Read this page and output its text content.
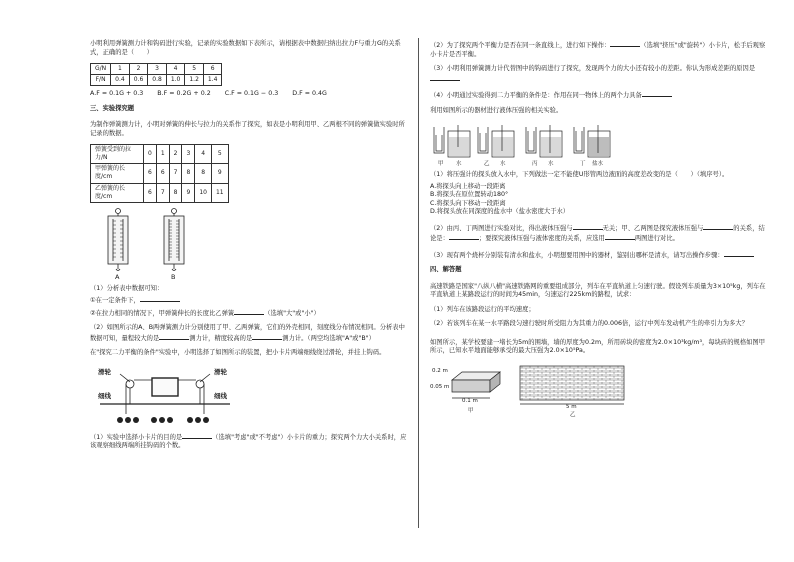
小明利用弹簧测力计和钩码进行实验，记录的实验数据如下表所示，请根据表中数据归纳出拉力F与重力G的关系式，正确的是（　　）

G/N	1	2	3	4	5	6
F/N	0.4	0.6	0.8	1.0	1.2	1.4
A.F = 0.1G + 0.3 B.F = 0.2G + 0.2 C.F = 0.1G − 0.3 D.F = 0.4G
三、实验探究题

为制作弹簧测力计，小明对弹簧的伸长与拉力的关系作了探究，如表是小明利用甲、乙两根不同的弹簧做实验时所记录的数据。

弹簧受到的拉力/N	0	1	2	3	4	5
甲弹簧的长度/cm	6	6	7	8	8	9
乙弹簧的长度/cm	6	7	8	9	10	11
A	B

（1）分析表中数据可知：

①在一定条件下，

②在拉力相同的情况下，甲弹簧伸长的长度比乙弹簧	（选填"大"或"小"）

（2）如图所示的A、B两弹簧测力计分别使用了甲、乙两弹簧，它们的外壳相同，刻度线分布情况相同。分析表中数据可知，量程较大的是	测力计，精度较高的是	测力计。（两空均选填"A"或"B"）

在"探究二力平衡的条件"实验中，小明选择了如图所示的装置，把小卡片两端细线绕过滑轮，并挂上钩码。

滑轮	滑轮
细线	细线

（1）实验中选择小卡片的目的是	（选填"考虑"或"不考虑"）小卡片的重力；探究两个力大小关系时，应该观察细线两端所挂钩码的个数。

（2）为了探究两个平衡力是否在同一条直线上，进行如下操作：	（选填"挤压"或"旋转"）小卡片，松手后观察小卡片是否平衡。

（3）小明利用弹簧测力计代替图中的钩码进行了探究，发现两个力的大小还有较小的差距。你认为形成差距的原因是

（4）小明通过实验得到二力平衡的条件是：作用在同一物体上的两个力具备

利用如图所示的器材进行液体压强的相关实验。

甲	乙	丙	丁
水	水	水	盐水

（1）将压强计的探头放入水中，下列做法一定不能使U形管两边液面的高度差改变的是（　　）（填序号）。

A.将探头向上移动一段距离
B.将探头在原位置转动180°
C.将探头向下移动一段距离
D.将探头放在同深度的盐水中（盐水密度大于水）

（2）由丙、丁两图进行实验对比，得出液体压强与	无关；甲、乙两图是探究液体压强与	的关系，结论是：	；要探究液体压强与液体密度的关系，应选用	两图进行对比。

（3）现有两个烧杯分别装有清水和盐水，小明想要用图中的器材，鉴别出哪杯是清水，请写出操作步骤：

四、解答题

高速铁路是国家"八纵八横"高速铁路网的重要组成部分，列车在平直轨道上匀速行驶。假设列车质量为3×10⁵kg，列车在平直轨道上某路段运行的时间为45min，匀速运行225km的路程，试求：

（1）列车在该路段运行的平均速度；

（2）若该列车在某一水平路段匀速行驶时所受阻力为其重力的0.006倍，运行中列车发动机产生的牵引力为多大？

如图所示，某学校要建一堵长为5m的围墙，墙的厚度为0.2m，所用砖块的密度为2.0×10³kg/m³，每块砖的规格如图甲所示，已知水平地面能够承受的最大压强为2.0×10⁵Pa。

0.2 m
0.05 m
0.1 m
5 m
甲
乙
